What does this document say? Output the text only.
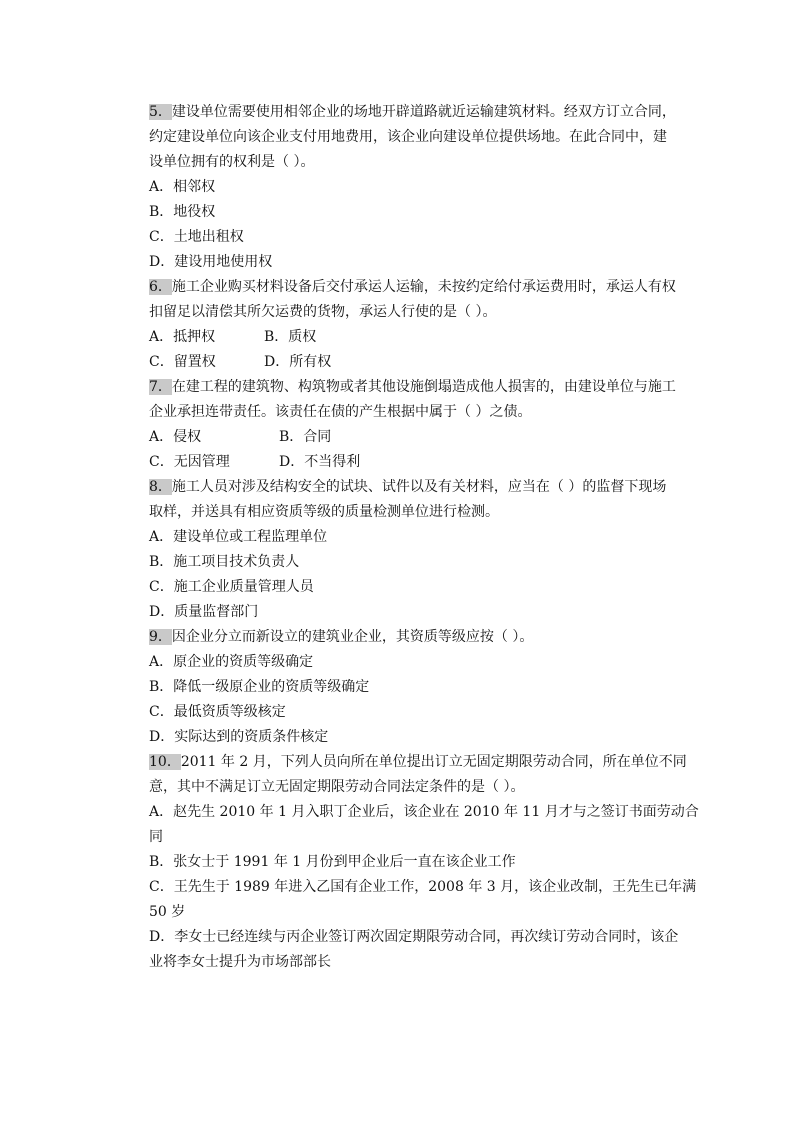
5．建设单位需要使用相邻企业的场地开辟道路就近运输建筑材料。经双方订立合同，
约定建设单位向该企业支付用地费用，该企业向建设单位提供场地。在此合同中，建
设单位拥有的权利是（ ）。
A．相邻权
B．地役权
C．土地出租权
D．建设用地使用权
6．施工企业购买材料设备后交付承运人运输，未按约定给付承运费用时，承运人有权
扣留足以清偿其所欠运费的货物，承运人行使的是（ ）。
A．抵押权	B．质权
C．留置权	D．所有权
7．在建工程的建筑物、构筑物或者其他设施倒塌造成他人损害的，由建设单位与施工
企业承担连带责任。该责任在债的产生根据中属于（ ）之债。
A．侵权	B．合同
C．无因管理	D．不当得利
8．施工人员对涉及结构安全的试块、试件以及有关材料，应当在（ ）的监督下现场
取样，并送具有相应资质等级的质量检测单位进行检测。
A．建设单位或工程监理单位
B．施工项目技术负责人
C．施工企业质量管理人员
D．质量监督部门
9．因企业分立而新设立的建筑业企业，其资质等级应按（ ）。
A．原企业的资质等级确定
B．降低一级原企业的资质等级确定
C．最低资质等级核定
D．实际达到的资质条件核定
10．2011 年 2 月，下列人员向所在单位提出订立无固定期限劳动合同，所在单位不同
意，其中不满足订立无固定期限劳动合同法定条件的是（ ）。
A．赵先生 2010 年 1 月入职丁企业后，该企业在 2010 年 11 月才与之签订书面劳动合
同
B．张女士于 1991 年 1 月份到甲企业后一直在该企业工作
C．王先生于 1989 年进入乙国有企业工作，2008 年 3 月，该企业改制，王先生已年满
50 岁
D．李女士已经连续与丙企业签订两次固定期限劳动合同，再次续订劳动合同时，该企
业将李女士提升为市场部部长
